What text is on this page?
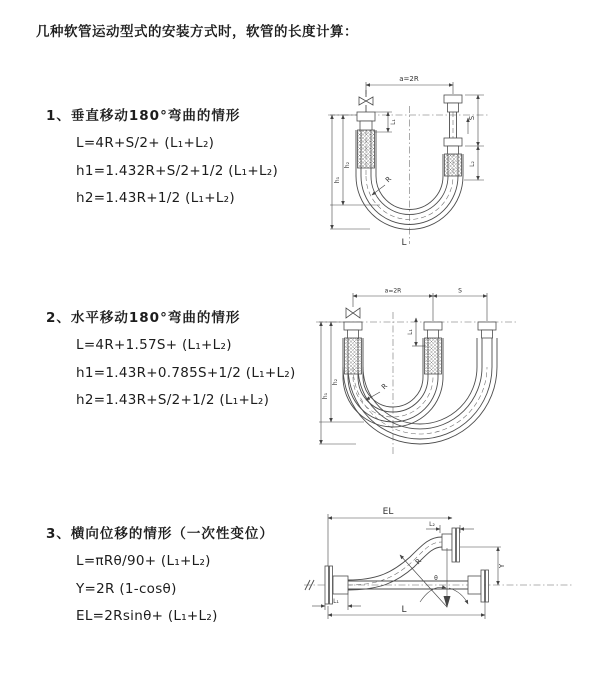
几种软管运动型式的安装方式时，软管的长度计算：
1、垂直移动180°弯曲的情形
L=4R+S/2+ (L₁+L₂)
h1=1.432R+S/2+1/2 (L₁+L₂)
h2=1.43R+1/2 (L₁+L₂)
2、水平移动180°弯曲的情形
L=4R+1.57S+ (L₁+L₂)
h1=1.43R+0.785S+1/2 (L₁+L₂)
h2=1.43R+S/2+1/2 (L₁+L₂)
3、横向位移的情形（一次性变位）
L=πRθ/90+ (L₁+L₂)
Y=2R (1-cosθ)
EL=2Rsinθ+ (L₁+L₂)
a=2R
S
L₂
h₁
h₂
L₁
R
L
a=2R	S
h₁
h₂
L₁
R
EL
L₂
Y
R
θ
L
L₁
